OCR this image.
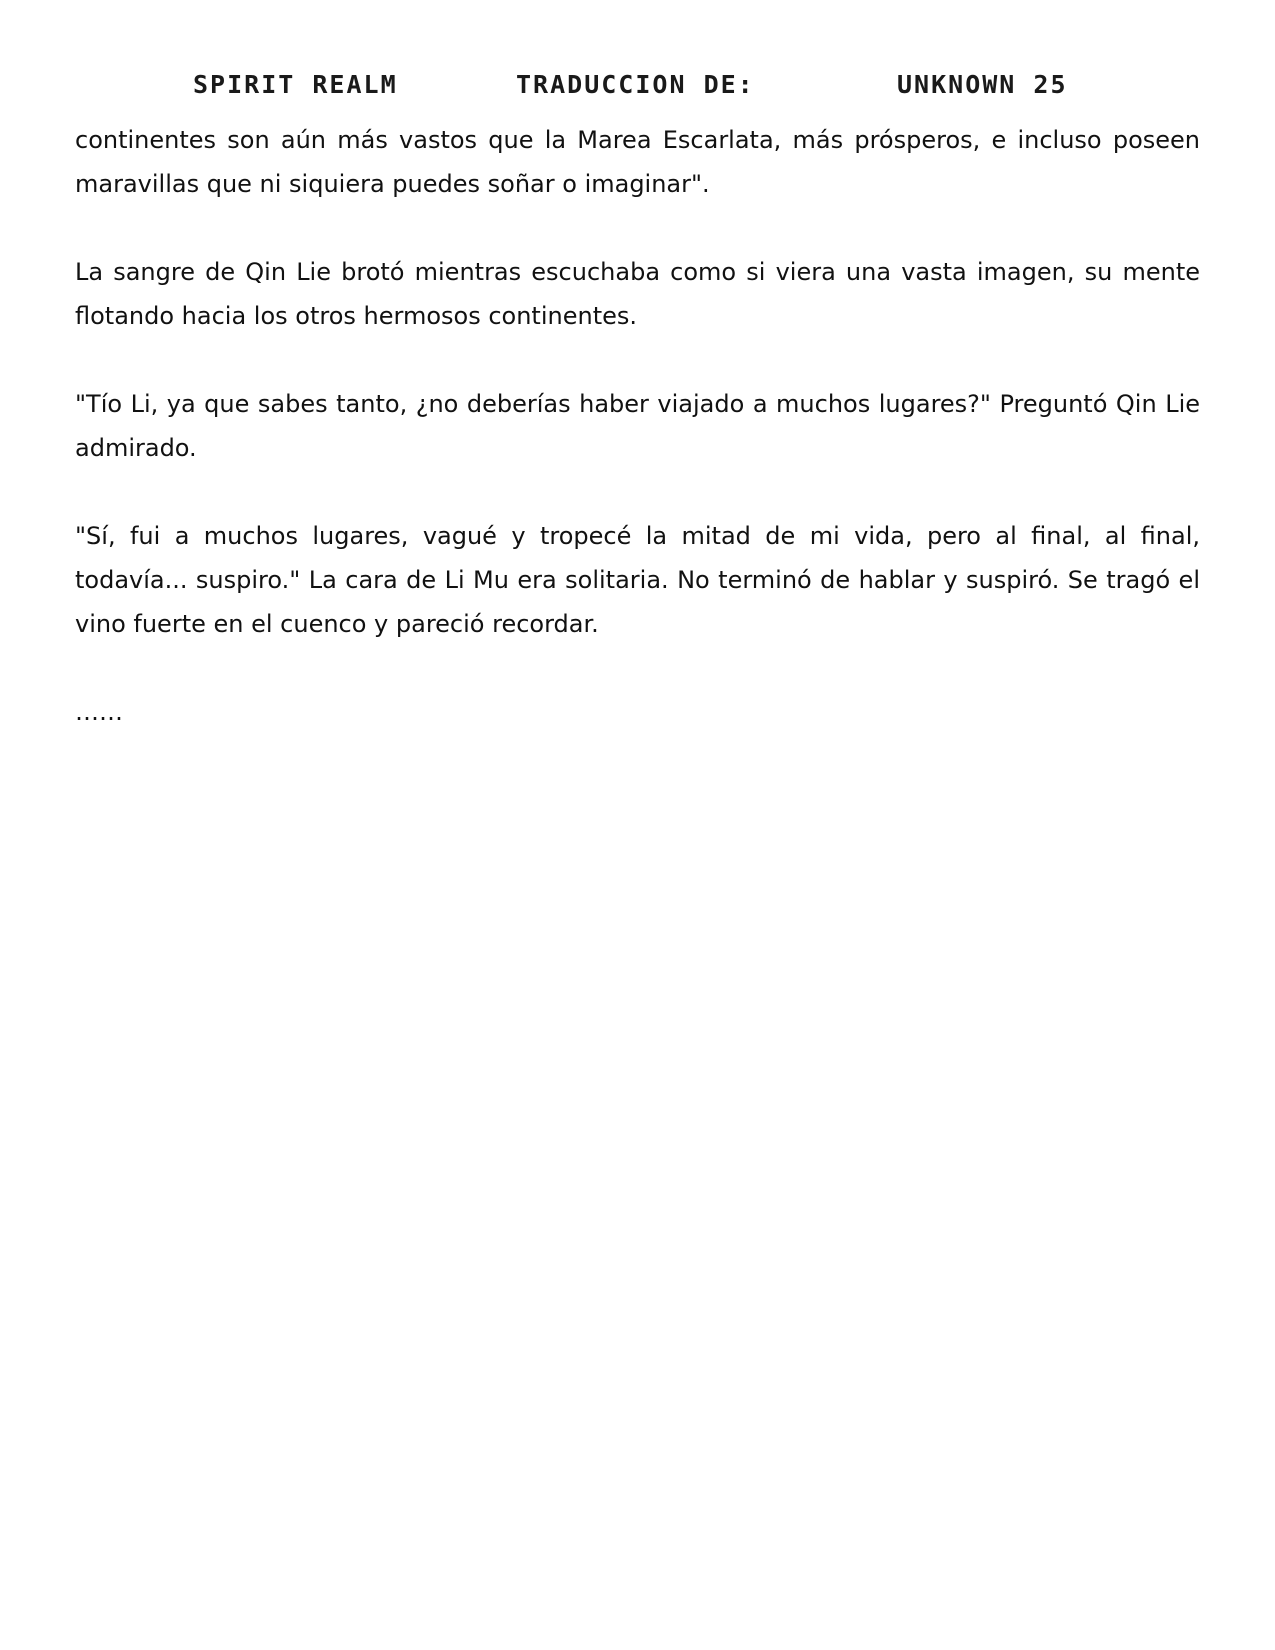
SPIRIT REALM	TRADUCCION DE:	UNKNOWN 25

continentes son aún más vastos que la Marea Escarlata, más prósperos, e incluso poseen maravillas que ni siquiera puedes soñar o imaginar".

La sangre de Qin Lie brotó mientras escuchaba como si viera una vasta imagen, su mente flotando hacia los otros hermosos continentes.

"Tío Li, ya que sabes tanto, ¿no deberías haber viajado a muchos lugares?" Preguntó Qin Lie admirado.

"Sí, fui a muchos lugares, vagué y tropecé la mitad de mi vida, pero al final, al final, todavía... suspiro." La cara de Li Mu era solitaria. No terminó de hablar y suspiró. Se tragó el vino fuerte en el cuenco y pareció recordar.

……
